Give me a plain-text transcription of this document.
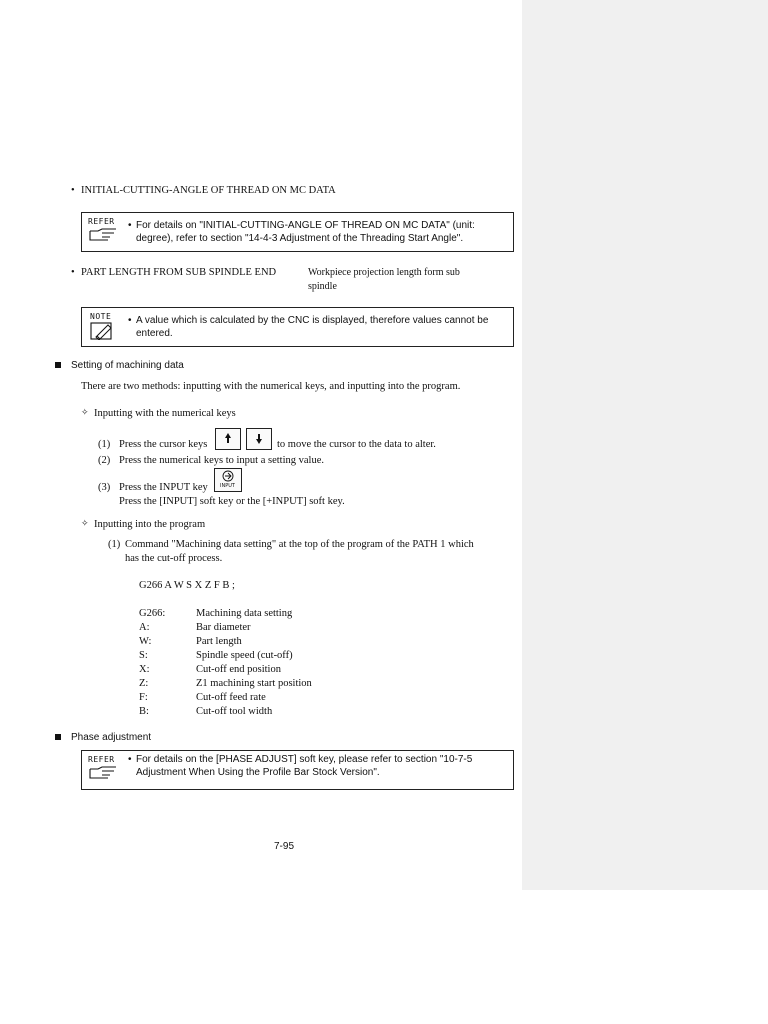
• INITIAL-CUTTING-ANGLE OF THREAD ON MC DATA
REFER	• For details on "INITIAL-CUTTING-ANGLE OF THREAD ON MC DATA" (unit:
degree), refer to section "14-4-3 Adjustment of the Threading Start Angle".
• PART LENGTH FROM SUB SPINDLE END	Workpiece projection length form sub
spindle
NOTE	• A value which is calculated by the CNC is displayed, therefore values cannot be
entered.
Setting of machining data
There are two methods: inputting with the numerical keys, and inputting into the program.
✧ Inputting with the numerical keys
(1) Press the cursor keys	to move the cursor to the data to alter.
(2) Press the numerical keys to input a setting value.
(3) Press the INPUT key INPUT
Press the [INPUT] soft key or the [+INPUT] soft key.
✧ Inputting into the program
(1) Command "Machining data setting" at the top of the program of the PATH 1 which
has the cut-off process.
G266 A W S X Z F B ;
G266:	Machining data setting
A:	Bar diameter
W:	Part length
S:	Spindle speed (cut-off)
X:	Cut-off end position
Z:	Z1 machining start position
F:	Cut-off feed rate
B:	Cut-off tool width
Phase adjustment
REFER	• For details on the [PHASE ADJUST] soft key, please refer to section "10-7-5
Adjustment When Using the Profile Bar Stock Version".
7-95
